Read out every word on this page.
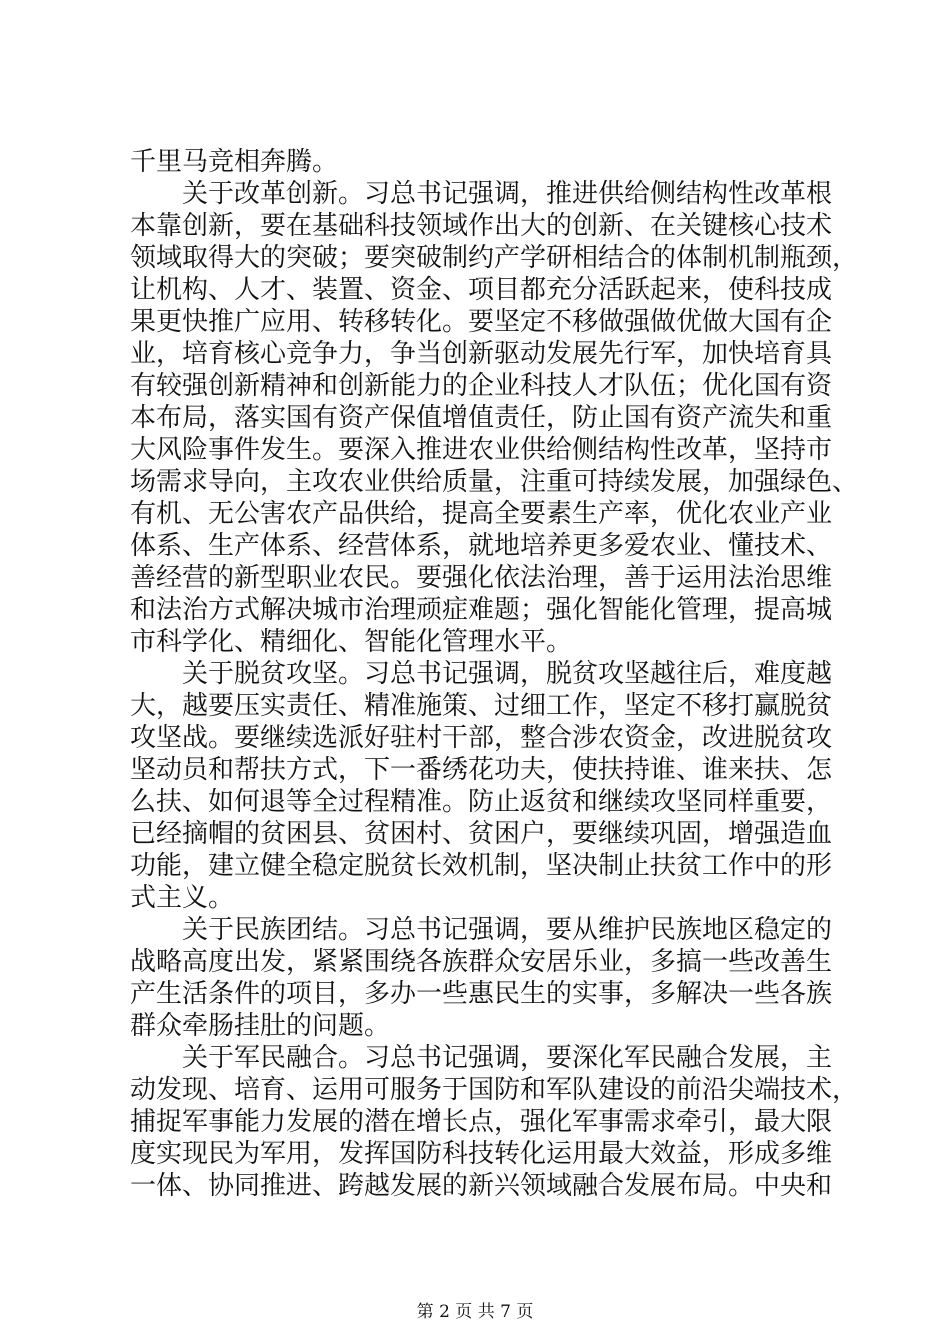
千里马竞相奔腾。
关于改革创新。习总书记强调，推进供给侧结构性改革根
本靠创新，要在基础科技领域作出大的创新、在关键核心技术
领域取得大的突破；要突破制约产学研相结合的体制机制瓶颈，
让机构、人才、装置、资金、项目都充分活跃起来，使科技成
果更快推广应用、转移转化。要坚定不移做强做优做大国有企
业，培育核心竞争力，争当创新驱动发展先行军，加快培育具
有较强创新精神和创新能力的企业科技人才队伍；优化国有资
本布局，落实国有资产保值增值责任，防止国有资产流失和重
大风险事件发生。要深入推进农业供给侧结构性改革，坚持市
场需求导向，主攻农业供给质量，注重可持续发展，加强绿色、
有机、无公害农产品供给，提高全要素生产率，优化农业产业
体系、生产体系、经营体系，就地培养更多爱农业、懂技术、
善经营的新型职业农民。要强化依法治理，善于运用法治思维
和法治方式解决城市治理顽症难题；强化智能化管理，提高城
市科学化、精细化、智能化管理水平。
关于脱贫攻坚。习总书记强调，脱贫攻坚越往后，难度越
大，越要压实责任、精准施策、过细工作，坚定不移打赢脱贫
攻坚战。要继续选派好驻村干部，整合涉农资金，改进脱贫攻
坚动员和帮扶方式，下一番绣花功夫，使扶持谁、谁来扶、怎
么扶、如何退等全过程精准。防止返贫和继续攻坚同样重要，
已经摘帽的贫困县、贫困村、贫困户，要继续巩固，增强造血
功能，建立健全稳定脱贫长效机制，坚决制止扶贫工作中的形
式主义。
关于民族团结。习总书记强调，要从维护民族地区稳定的
战略高度出发，紧紧围绕各族群众安居乐业，多搞一些改善生
产生活条件的项目，多办一些惠民生的实事，多解决一些各族
群众牵肠挂肚的问题。
关于军民融合。习总书记强调，要深化军民融合发展，主
动发现、培育、运用可服务于国防和军队建设的前沿尖端技术，
捕捉军事能力发展的潜在增长点，强化军事需求牵引，最大限
度实现民为军用，发挥国防科技转化运用最大效益，形成多维
一体、协同推进、跨越发展的新兴领域融合发展布局。中央和
第 2 页 共 7 页
